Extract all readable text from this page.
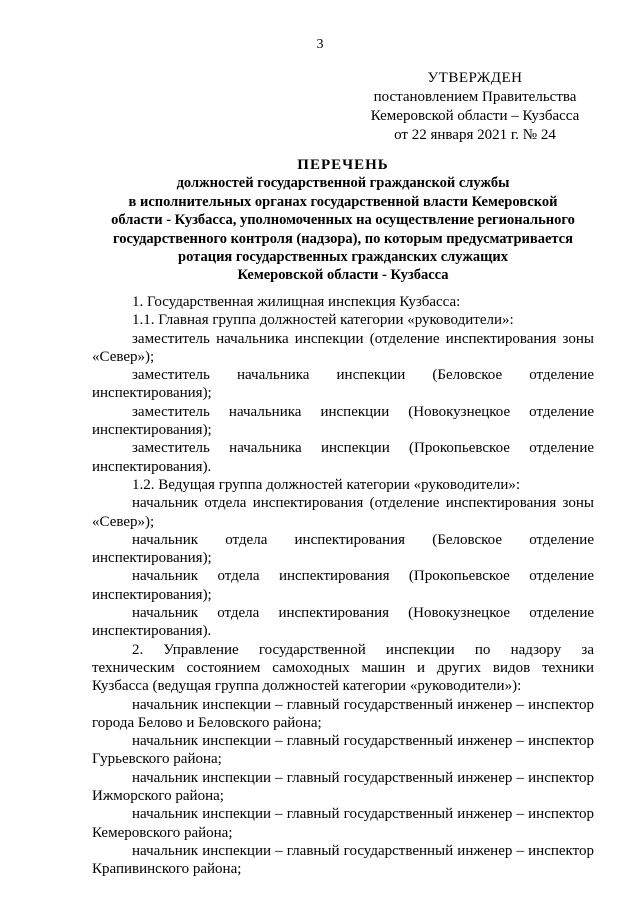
3
УТВЕРЖДЕН
постановлением Правительства
Кемеровской области – Кузбасса
от 22 января 2021 г. № 24
ПЕРЕЧЕНЬ
должностей государственной гражданской службы
в исполнительных органах государственной власти Кемеровской
области - Кузбасса, уполномоченных на осуществление регионального
государственного контроля (надзора), по которым предусматривается
ротация государственных гражданских служащих
Кемеровской области - Кузбасса

1. Государственная жилищная инспекция Кузбасса:

1.1. Главная группа должностей категории «руководители»:

заместитель начальника инспекции (отделение инспектирования зоны
«Север»);
заместитель начальника инспекции (Беловское отделение
инспектирования);
заместитель начальника инспекции (Новокузнецкое отделение
инспектирования);
заместитель начальника инспекции (Прокопьевское отделение
инспектирования).

1.2. Ведущая группа должностей категории «руководители»:

начальник отдела инспектирования (отделение инспектирования зоны
«Север»);
начальник отдела инспектирования (Беловское отделение
инспектирования);
начальник отдела инспектирования (Прокопьевское отделение
инспектирования);
начальник отдела инспектирования (Новокузнецкое отделение
инспектирования).
2. Управление государственной инспекции по надзору за
техническим состоянием самоходных машин и других видов техники
Кузбасса (ведущая группа должностей категории «руководители»):
начальник инспекции – главный государственный инженер – инспектор
города Белово и Беловского района;
начальник инспекции – главный государственный инженер – инспектор
Гурьевского района;
начальник инспекции – главный государственный инженер – инспектор
Ижморского района;
начальник инспекции – главный государственный инженер – инспектор
Кемеровского района;
начальник инспекции – главный государственный инженер – инспектор
Крапивинского района;
